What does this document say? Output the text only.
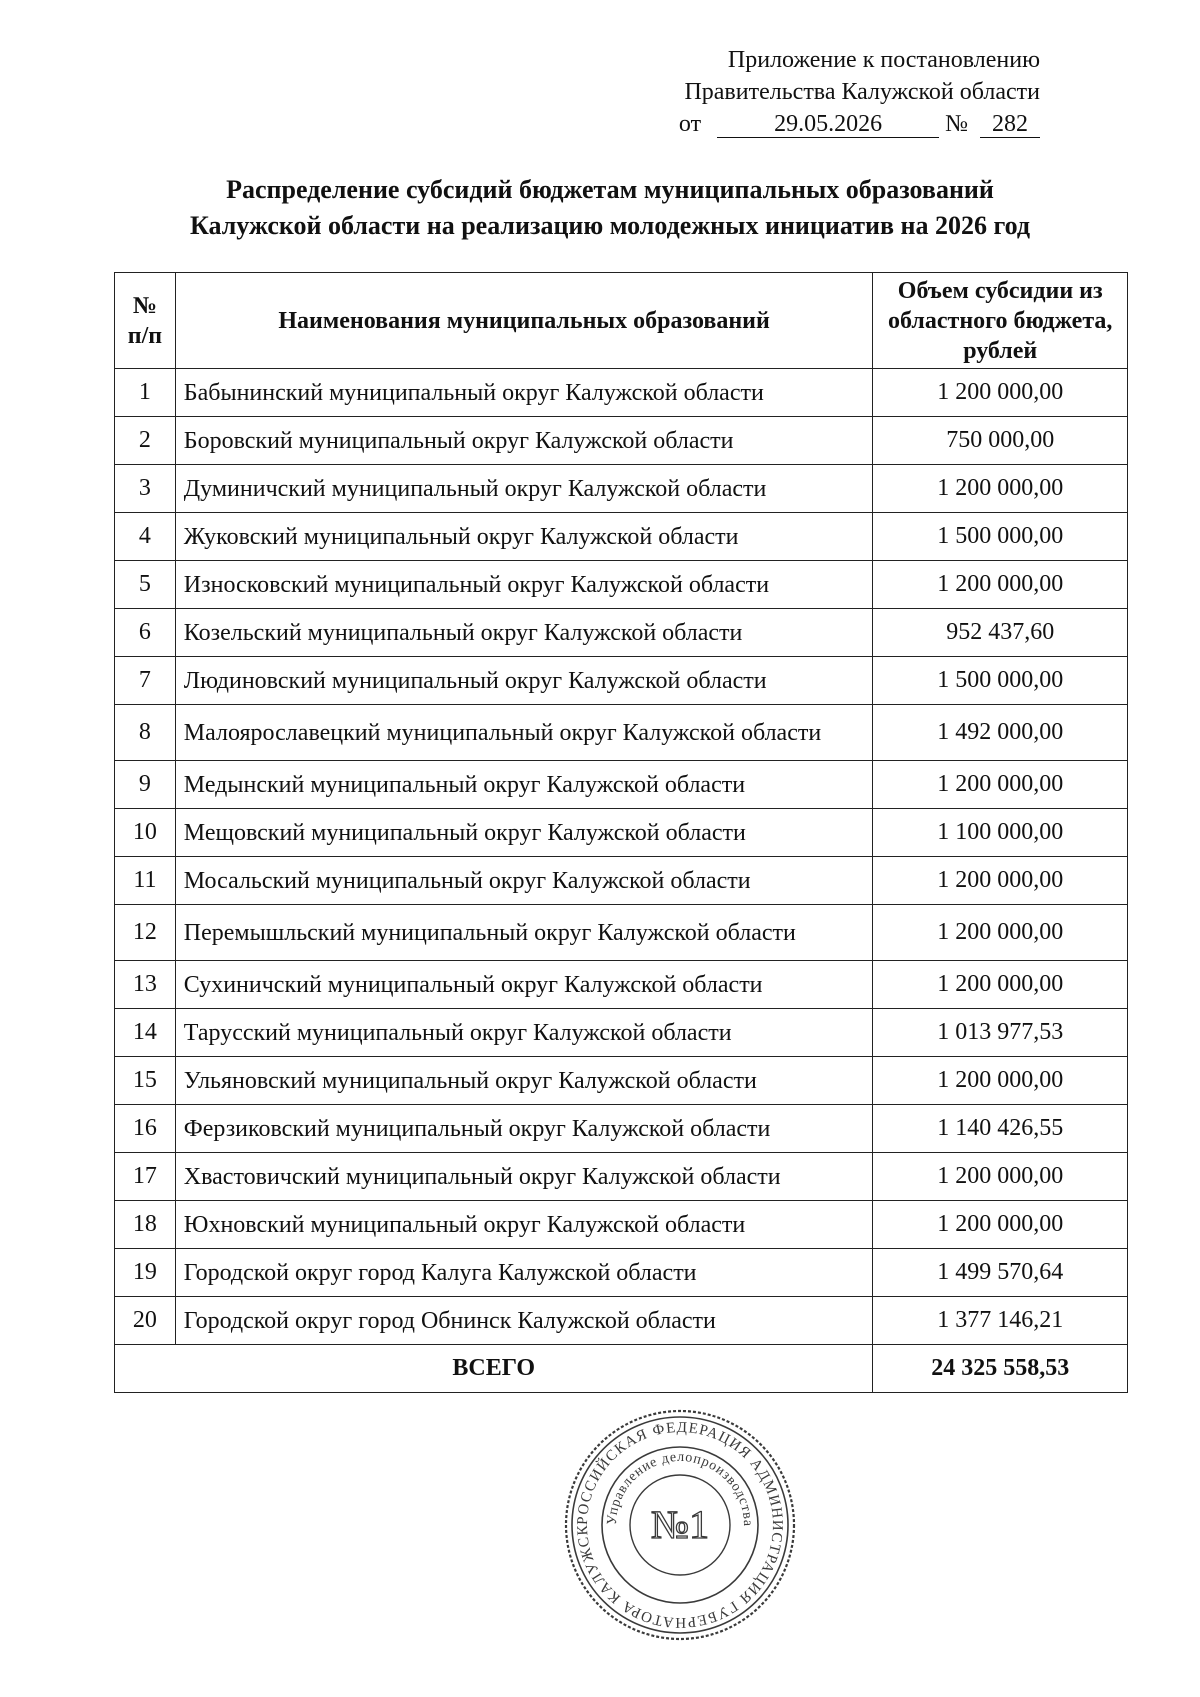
Приложение к постановлению
Правительства Калужской области
от	29.05.2026	№ 282
Распределение субсидий бюджетам муниципальных образований
Калужской области на реализацию молодежных инициатив на 2026 год
№ п/п	Наименования муниципальных образований	Объем субсидии из областного бюджета, рублей
1	Бабынинский муниципальный округ Калужской области	1 200 000,00
2	Боровский муниципальный округ Калужской области	750 000,00
3	Думиничский муниципальный округ Калужской области	1 200 000,00
4	Жуковский муниципальный округ Калужской области	1 500 000,00
5	Износковский муниципальный округ Калужской области	1 200 000,00
6	Козельский муниципальный округ Калужской области	952 437,60
7	Людиновский муниципальный округ Калужской области	1 500 000,00
8	Малоярославецкий муниципальный округ Калужской области	1 492 000,00
9	Медынский муниципальный округ Калужской области	1 200 000,00
10	Мещовский муниципальный округ Калужской области	1 100 000,00
11	Мосальский муниципальный округ Калужской области	1 200 000,00
12	Перемышльский муниципальный округ Калужской области	1 200 000,00
13	Сухиничский муниципальный округ Калужской области	1 200 000,00
14	Тарусский муниципальный округ Калужской области	1 013 977,53
15	Ульяновский муниципальный округ Калужской области	1 200 000,00
16	Ферзиковский муниципальный округ Калужской области	1 140 426,55
17	Хвастовичский муниципальный округ Калужской области	1 200 000,00
18	Юхновский муниципальный округ Калужской области	1 200 000,00
19	Городской округ город Калуга Калужской области	1 499 570,64
20	Городской округ город Обнинск Калужской области	1 377 146,21
ВСЕГО		24 325 558,53
РОССИЙСКАЯ ФЕДЕРАЦИЯ АДМИНИСТРАЦИЯ ГУБЕРНАТОРА КАЛУЖСК
Управление делопроизводства
№1
